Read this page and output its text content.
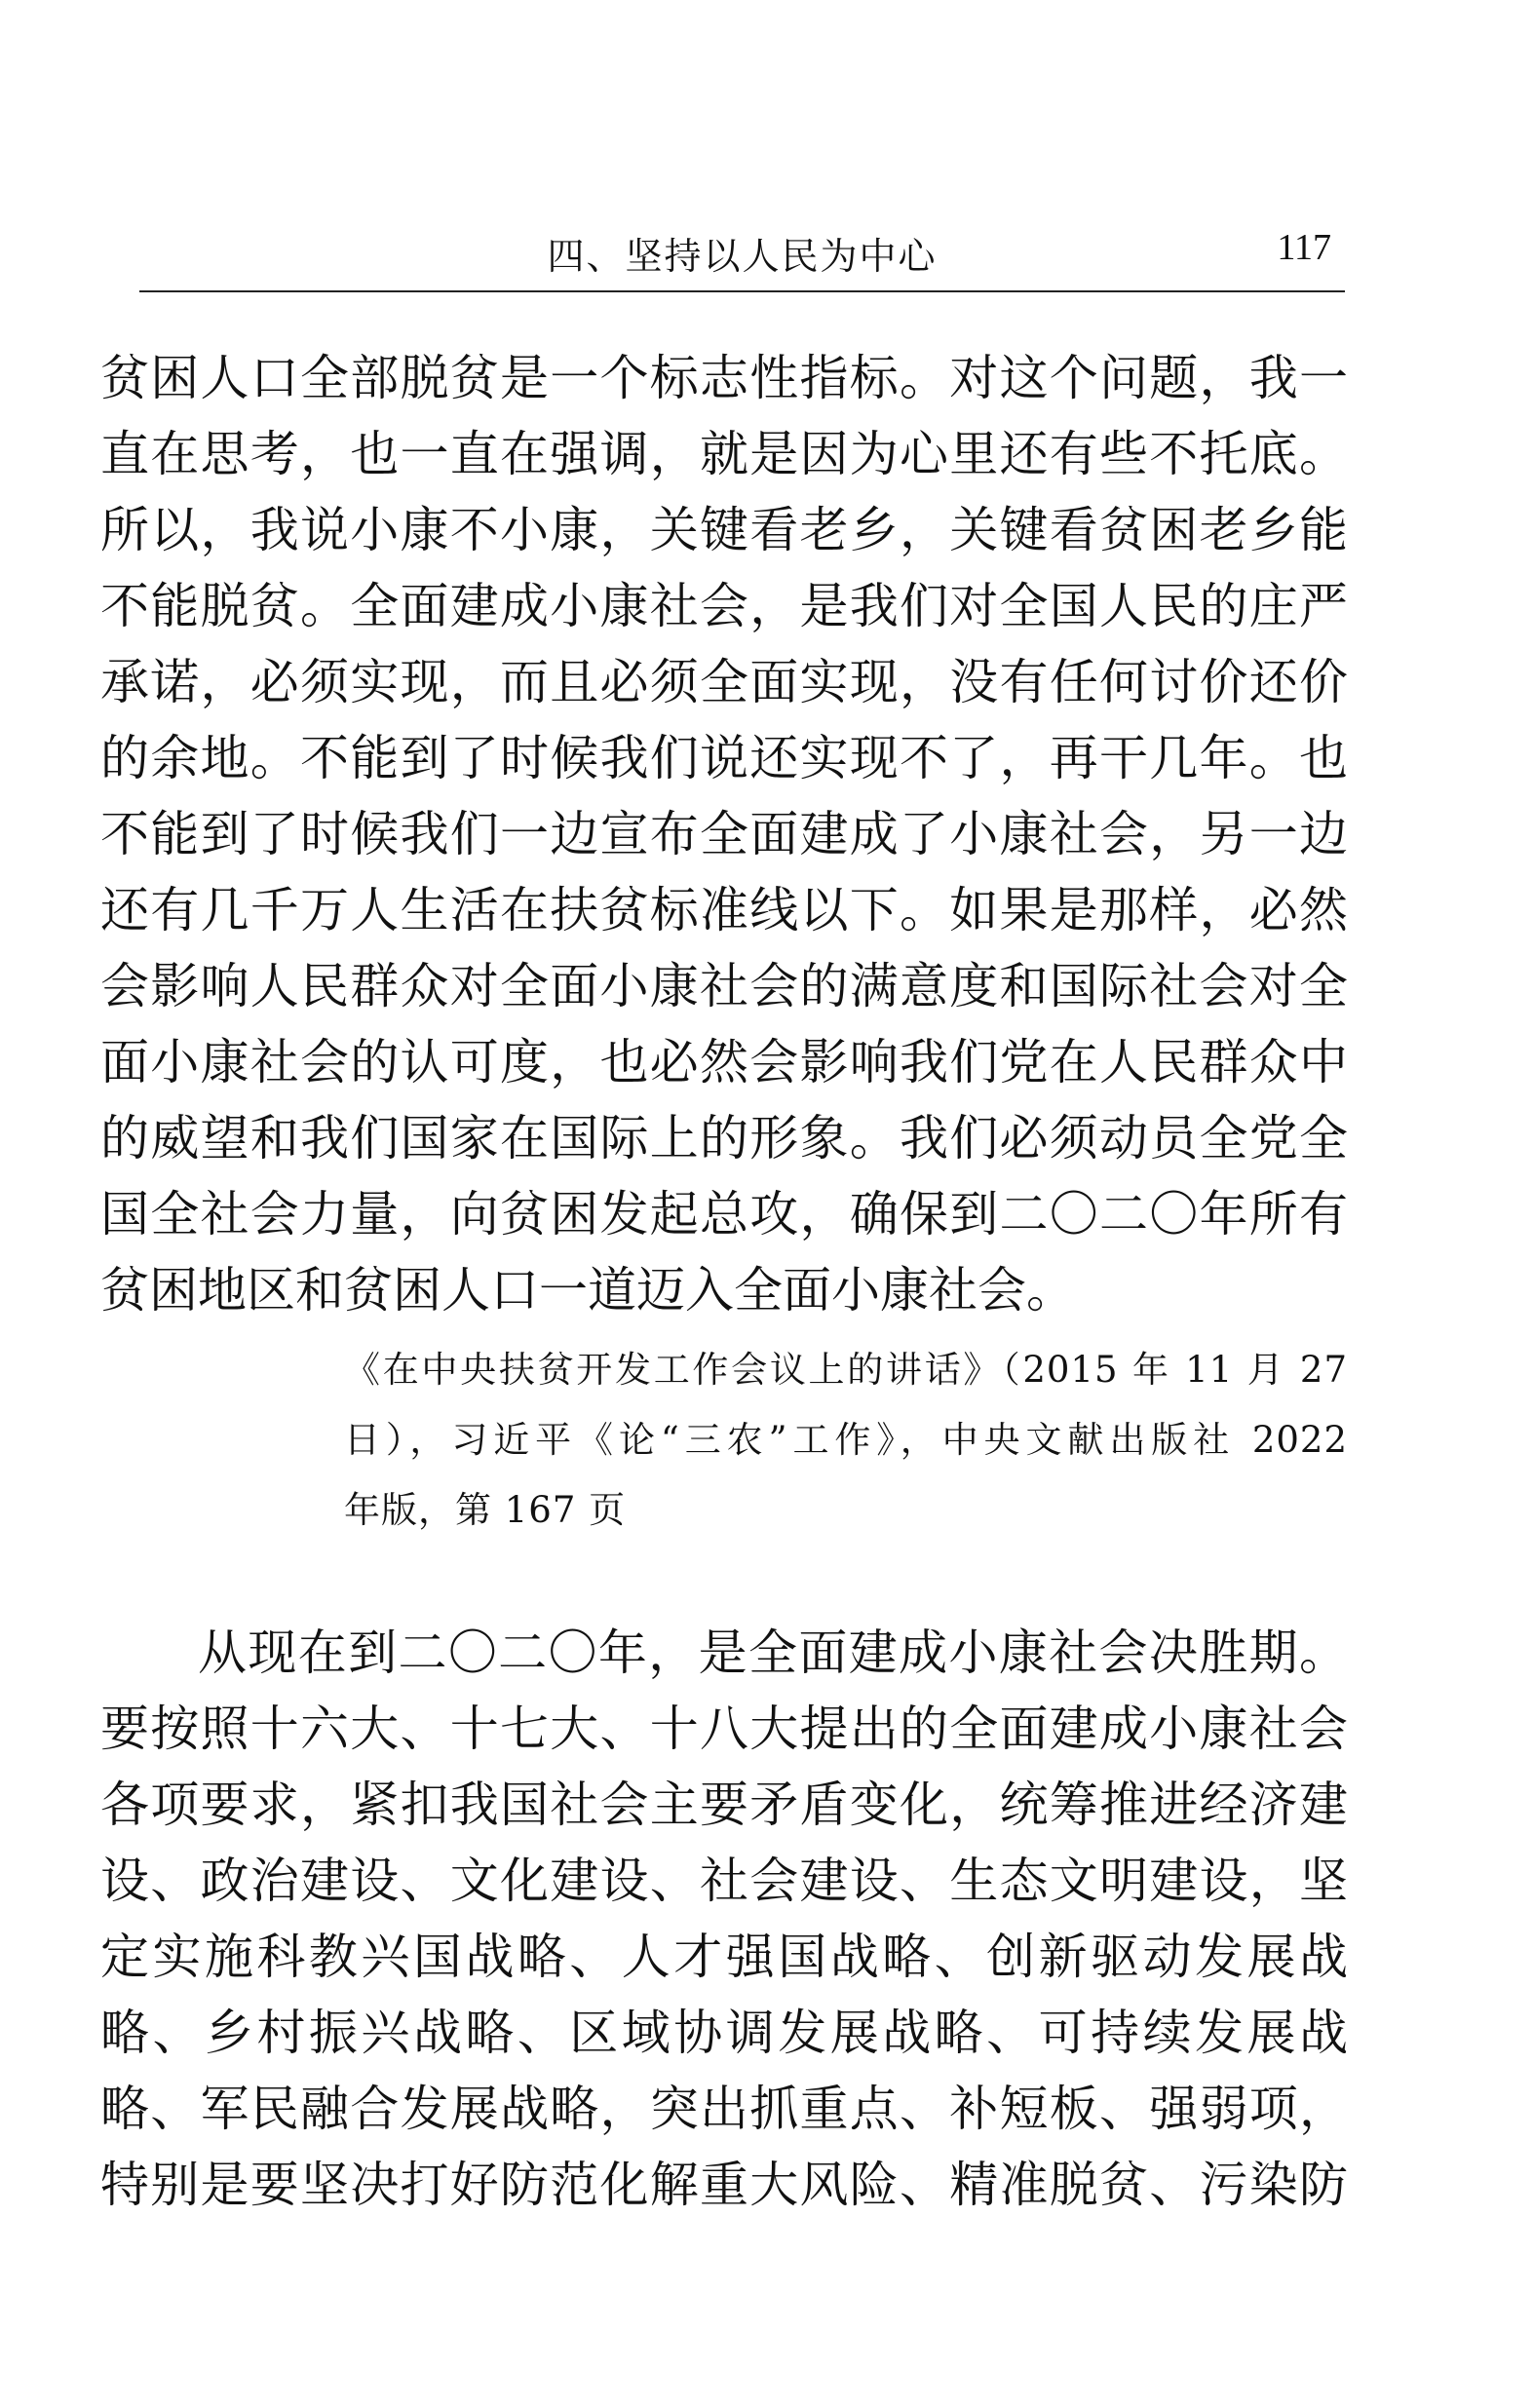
四、坚持以人民为中心	117
贫困人口全部脱贫是一个标志性指标。对这个问题，我一
直在思考，也一直在强调，就是因为心里还有些不托底。
所以，我说小康不小康，关键看老乡，关键看贫困老乡能
不能脱贫。全面建成小康社会，是我们对全国人民的庄严
承诺，必须实现，而且必须全面实现，没有任何讨价还价
的余地。不能到了时候我们说还实现不了，再干几年。也
不能到了时候我们一边宣布全面建成了小康社会，另一边
还有几千万人生活在扶贫标准线以下。如果是那样，必然
会影响人民群众对全面小康社会的满意度和国际社会对全
面小康社会的认可度，也必然会影响我们党在人民群众中
的威望和我们国家在国际上的形象。我们必须动员全党全
国全社会力量，向贫困发起总攻，确保到二〇二〇年所有
贫困地区和贫困人口一道迈入全面小康社会。
《在中央扶贫开发工作会议上的讲话》（2015 年 11 月 27
日），习近平《论“三农”工作》，中央文献出版社 2022
年版，第 167 页
从现在到二〇二〇年，是全面建成小康社会决胜期。
要按照十六大、十七大、十八大提出的全面建成小康社会
各项要求，紧扣我国社会主要矛盾变化，统筹推进经济建
设、政治建设、文化建设、社会建设、生态文明建设，坚
定实施科教兴国战略、人才强国战略、创新驱动发展战
略、乡村振兴战略、区域协调发展战略、可持续发展战
略、军民融合发展战略，突出抓重点、补短板、强弱项，
特别是要坚决打好防范化解重大风险、精准脱贫、污染防
